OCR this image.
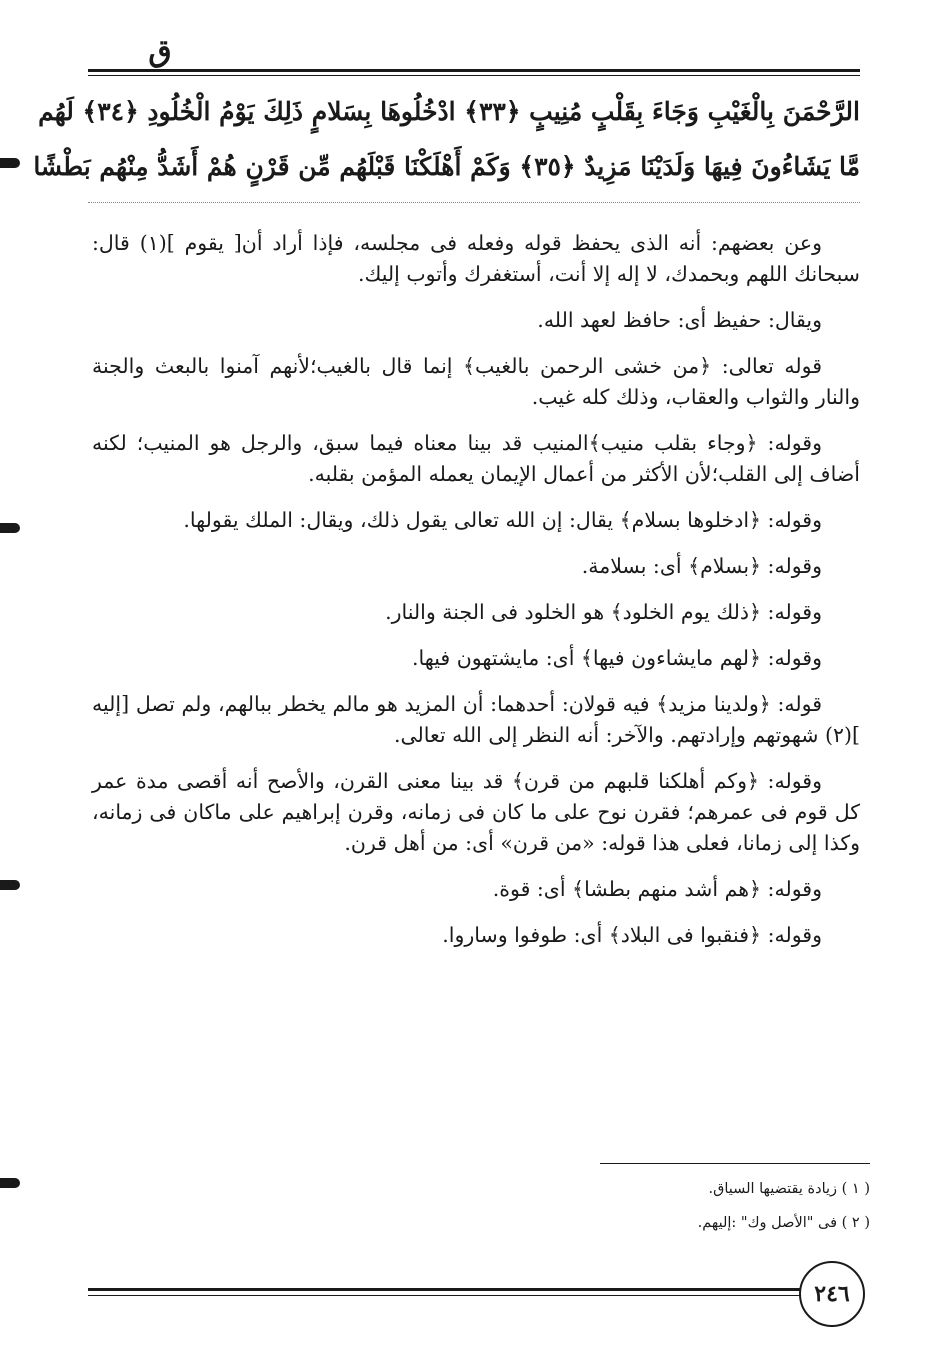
ق
الرَّحْمَنَ بِالْغَيْبِ وَجَاءَ بِقَلْبٍ مُنِيبٍ ﴿٣٣﴾ ادْخُلُوهَا بِسَلامٍ ذَلِكَ يَوْمُ الْخُلُودِ ﴿٣٤﴾ لَهُم
مَّا يَشَاءُونَ فِيهَا وَلَدَيْنَا مَزِيدٌ ﴿٣٥﴾ وَكَمْ أَهْلَكْنَا قَبْلَهُم مِّن قَرْنٍ هُمْ أَشَدُّ مِنْهُم بَطْشًا

وعن بعضهم: أنه الذى يحفظ قوله وفعله فى مجلسه، فإذا أراد أن[ يقوم ](١) قال: سبحانك اللهم وبحمدك، لا إله إلا أنت، أستغفرك وأتوب إليك.

ويقال: حفيظ أى: حافظ لعهد الله.

قوله تعالى: ﴿من خشى الرحمن بالغيب﴾ إنما قال بالغيب؛لأنهم آمنوا بالبعث والجنة والنار والثواب والعقاب، وذلك كله غيب.

وقوله: ﴿وجاء بقلب منيب﴾المنيب قد بينا معناه فيما سبق، والرجل هو المنيب؛ لكنه أضاف إلى القلب؛لأن الأكثر من أعمال الإيمان يعمله المؤمن بقلبه.

وقوله: ﴿ادخلوها بسلام﴾ يقال: إن الله تعالى يقول ذلك، ويقال: الملك يقولها.

وقوله: ﴿بسلام﴾ أى: بسلامة.

وقوله: ﴿ذلك يوم الخلود﴾ هو الخلود فى الجنة والنار.

وقوله: ﴿لهم مايشاءون فيها﴾ أى: مايشتهون فيها.

قوله: ﴿ولدينا مزيد﴾ فيه قولان: أحدهما: أن المزيد هو مالم يخطر ببالهم، ولم تصل [إليه ](٢) شهوتهم وإرادتهم. والآخر: أنه النظر إلى الله تعالى.

وقوله: ﴿وكم أهلكنا قلبهم من قرن﴾ قد بينا معنى القرن، والأصح أنه أقصى مدة عمر كل قوم فى عمرهم؛ فقرن نوح على ما كان فى زمانه، وقرن إبراهيم على ماكان فى زمانه، وكذا إلى زمانا، فعلى هذا قوله: «من قرن» أى: من أهل قرن.

وقوله: ﴿هم أشد منهم بطشا﴾ أى: قوة.

وقوله: ﴿فنقبوا فى البلاد﴾ أى: طوفوا وساروا.

( ١ ) زيادة يقتضيها السياق.
( ٢ ) فى "الأصل وك" :إليهم.
٢٤٦
